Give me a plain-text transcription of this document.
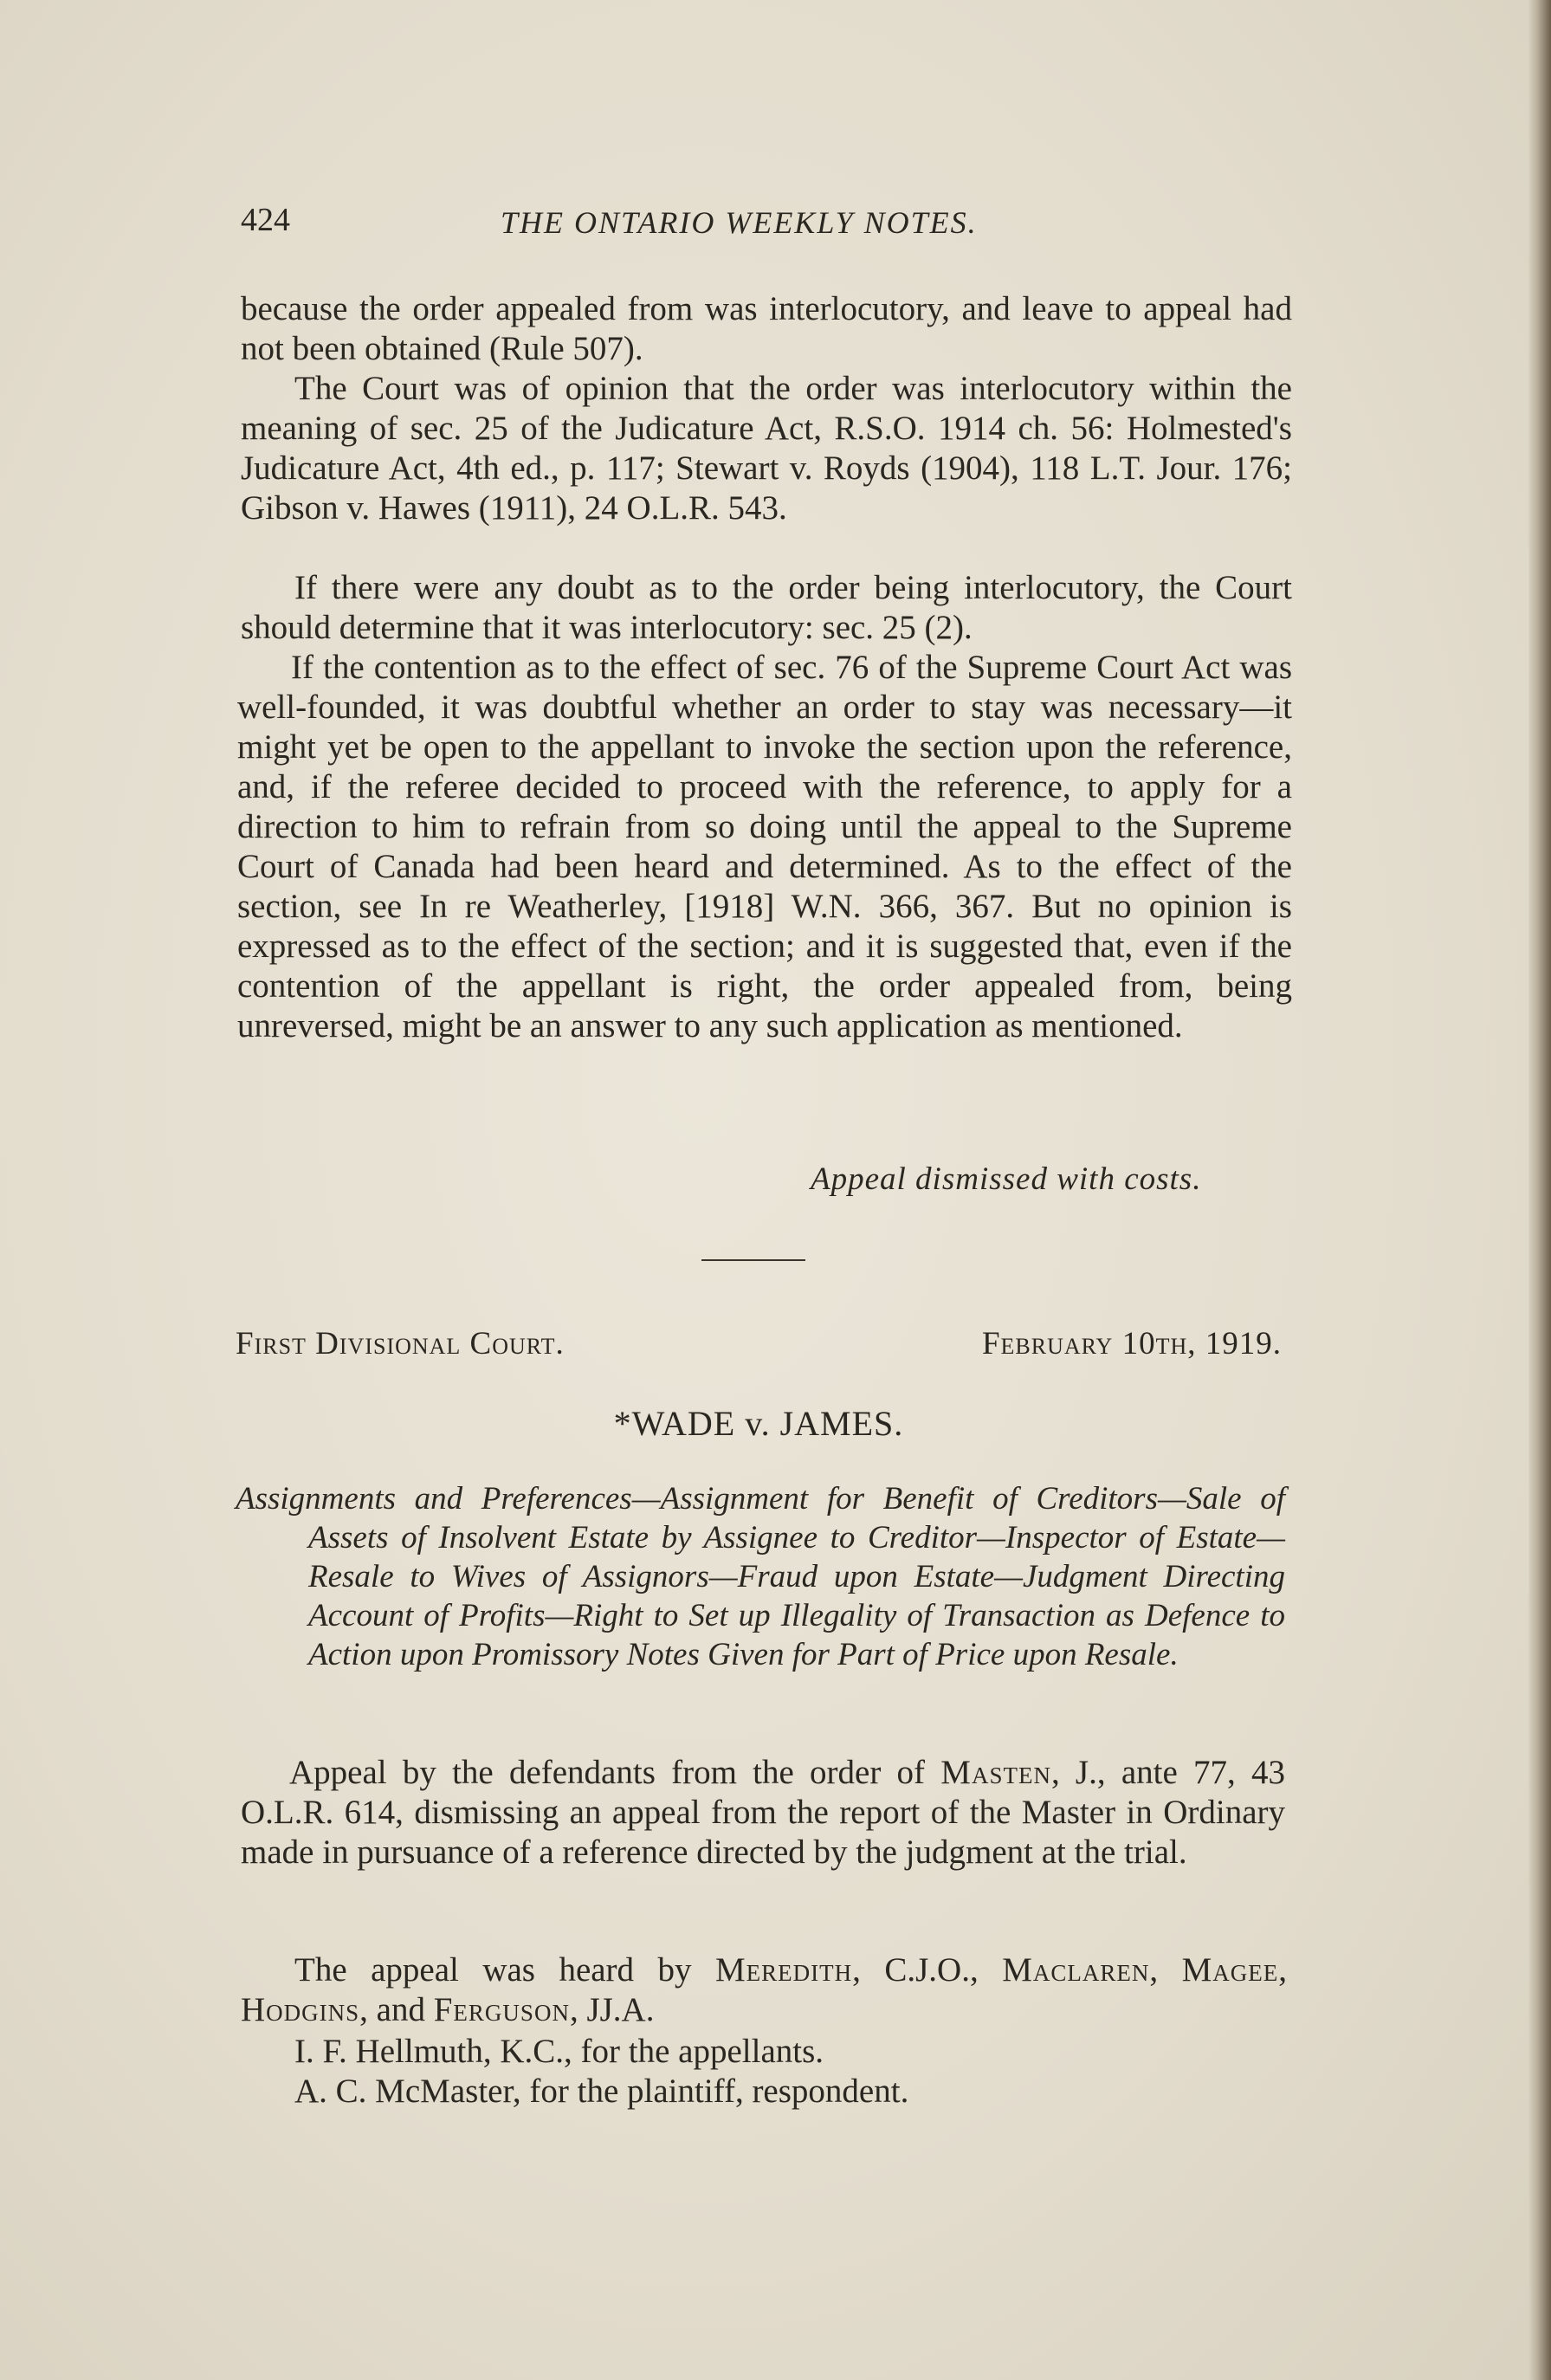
424	THE ONTARIO WEEKLY NOTES.

because the order appealed from was interlocutory, and leave to appeal had not been obtained (Rule 507).

The Court was of opinion that the order was interlocutory within the meaning of sec. 25 of the Judicature Act, R.S.O. 1914 ch. 56: Holmested's Judicature Act, 4th ed., p. 117; Stewart v. Royds (1904), 118 L.T. Jour. 176; Gibson v. Hawes (1911), 24 O.L.R. 543.

If there were any doubt as to the order being interlocutory, the Court should determine that it was interlocutory: sec. 25 (2).

If the contention as to the effect of sec. 76 of the Supreme Court Act was well-founded, it was doubtful whether an order to stay was necessary—it might yet be open to the appellant to invoke the section upon the reference, and, if the referee decided to proceed with the reference, to apply for a direction to him to refrain from so doing until the appeal to the Supreme Court of Canada had been heard and determined. As to the effect of the section, see In re Weatherley, [1918] W.N. 366, 367. But no opinion is expressed as to the effect of the section; and it is suggested that, even if the contention of the appellant is right, the order appealed from, being unreversed, might be an answer to any such application as mentioned.

Appeal dismissed with costs.
First Divisional Court.	February 10th, 1919.
*WADE v. JAMES.

Assignments and Preferences—Assignment for Benefit of Creditors—Sale of Assets of Insolvent Estate by Assignee to Creditor—Inspector of Estate—Resale to Wives of Assignors—Fraud upon Estate—Judgment Directing Account of Profits—Right to Set up Illegality of Transaction as Defence to Action upon Promissory Notes Given for Part of Price upon Resale.

Appeal by the defendants from the order of Masten, J., ante 77, 43 O.L.R. 614, dismissing an appeal from the report of the Master in Ordinary made in pursuance of a reference directed by the judgment at the trial.

The appeal was heard by Meredith, C.J.O., Maclaren, Magee, Hodgins, and Ferguson, JJ.A.

I. F. Hellmuth, K.C., for the appellants.
A. C. McMaster, for the plaintiff, respondent.
